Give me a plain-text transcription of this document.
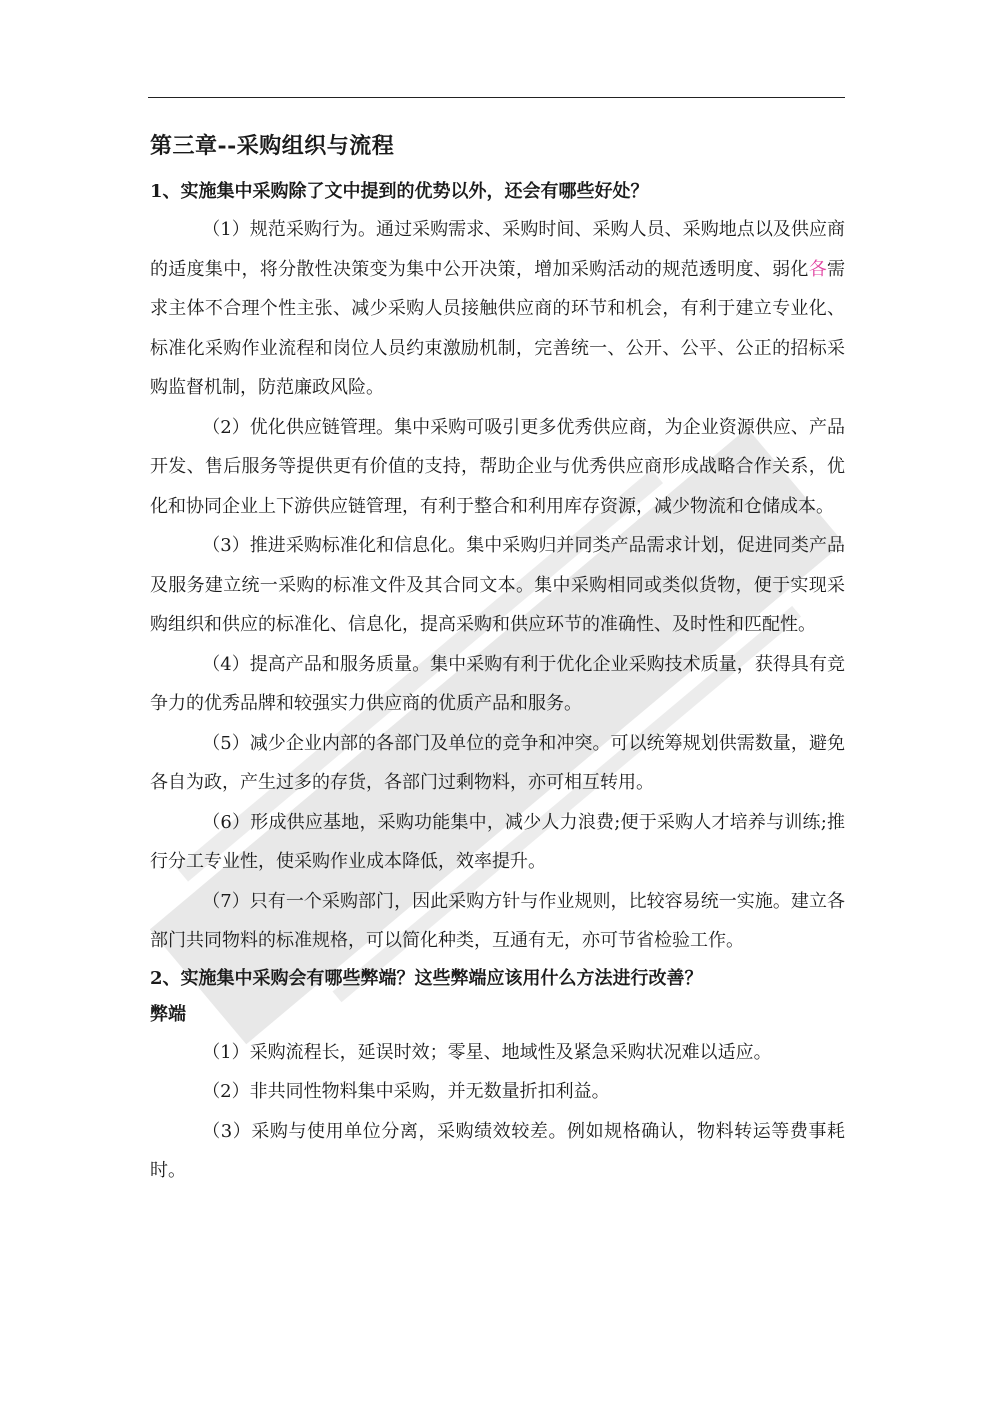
第三章--采购组织与流程
1、实施集中采购除了文中提到的优势以外，还会有哪些好处？

（1）规范采购行为。通过采购需求、采购时间、采购人员、采购地点以及供应商的适度集中，将分散性决策变为集中公开决策，增加采购活动的规范透明度、弱化各需求主体不合理个性主张、减少采购人员接触供应商的环节和机会，有利于建立专业化、标准化采购作业流程和岗位人员约束激励机制，完善统一、公开、公平、公正的招标采购监督机制，防范廉政风险。

（2）优化供应链管理。集中采购可吸引更多优秀供应商，为企业资源供应、产品开发、售后服务等提供更有价值的支持，帮助企业与优秀供应商形成战略合作关系，优化和协同企业上下游供应链管理，有利于整合和利用库存资源，减少物流和仓储成本。

（3）推进采购标准化和信息化。集中采购归并同类产品需求计划，促进同类产品及服务建立统一采购的标准文件及其合同文本。集中采购相同或类似货物，便于实现采购组织和供应的标准化、信息化，提高采购和供应环节的准确性、及时性和匹配性。

（4）提高产品和服务质量。集中采购有利于优化企业采购技术质量，获得具有竞争力的优秀品牌和较强实力供应商的优质产品和服务。

（5）减少企业内部的各部门及单位的竞争和冲突。可以统筹规划供需数量，避免各自为政，产生过多的存货，各部门过剩物料，亦可相互转用。

（6）形成供应基地，采购功能集中，减少人力浪费;便于采购人才培养与训练;推行分工专业性，使采购作业成本降低，效率提升。

（7）只有一个采购部门，因此采购方针与作业规则，比较容易统一实施。建立各部门共同物料的标准规格，可以简化种类，互通有无，亦可节省检验工作。

2、实施集中采购会有哪些弊端？这些弊端应该用什么方法进行改善？
弊端

（1）采购流程长，延误时效；零星、地域性及紧急采购状况难以适应。

（2）非共同性物料集中采购，并无数量折扣利益。

（3）采购与使用单位分离，采购绩效较差。例如规格确认，物料转运等费事耗时。
